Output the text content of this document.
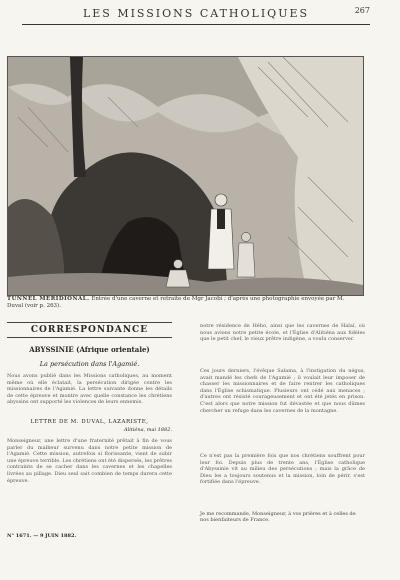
LES MISSIONS CATHOLIQUES	267
TUNNEL MERIDIONAL. Entrée d'une caverne et retraite de Mgr Jacobi ; d'après une photographie envoyée par M. Duval (voir p. 263).
CORRESPONDANCE
ABYSSINIE (Afrique orientale)
La persécution dans l'Agamié.
Nous avons publié dans les Missions catholiques, au moment même où elle éclatait, la persécution dirigée contre les missionnaires de l'Agamié. La lettre suivante donne les détails de cette épreuve et montre avec quelle constance les chrétiens abyssins ont supporté les violences de leurs ennemis.
LETTRE DE M. DUVAL, LAZARISTE,
Alitiéna, mai 1882.
Monseigneur, une lettre d'une fraternité prêtait à fin de vous parler du malheur survenu dans notre petite mission de l'Agamié. Cette mission, autrefois si florissante, vient de subir une épreuve terrible. Les chrétiens ont été dispersés, les prêtres contraints de se cacher dans les cavernes et les chapelles livrées au pillage. Dieu seul sait combien de temps durera cette épreuve.
N° 1671. — 9 JUIN 1882.
notre résidence de Hébo, ainsi que les cavernes de Halaï, où nous avions notre petite école, et l'Église d'Alitiéna aux fidèles que le petit chef, le vieux prêtre indigène, a voulu conserver.
Ces jours derniers, l'évêque Salama, à l'instigation du négus, avait mandé les chefs de l'Agamié ; il voulait leur imposer de chasser les missionnaires et de faire rentrer les catholiques dans l'Église schismatique. Plusieurs ont cédé aux menaces ; d'autres ont résisté courageusement et ont été jetés en prison. C'est alors que notre mission fut dévastée et que nous dûmes chercher un refuge dans les cavernes de la montagne.
Ce n'est pas la première fois que nos chrétiens souffrent pour leur foi. Depuis plus de trente ans, l'Église catholique d'Abyssinie vit au milieu des persécutions ; mais la grâce de Dieu les a toujours soutenus et la mission, loin de périr, s'est fortifiée dans l'épreuve.
Je me recommande, Monseigneur, à vos prières et à celles de nos bienfaiteurs de France.
